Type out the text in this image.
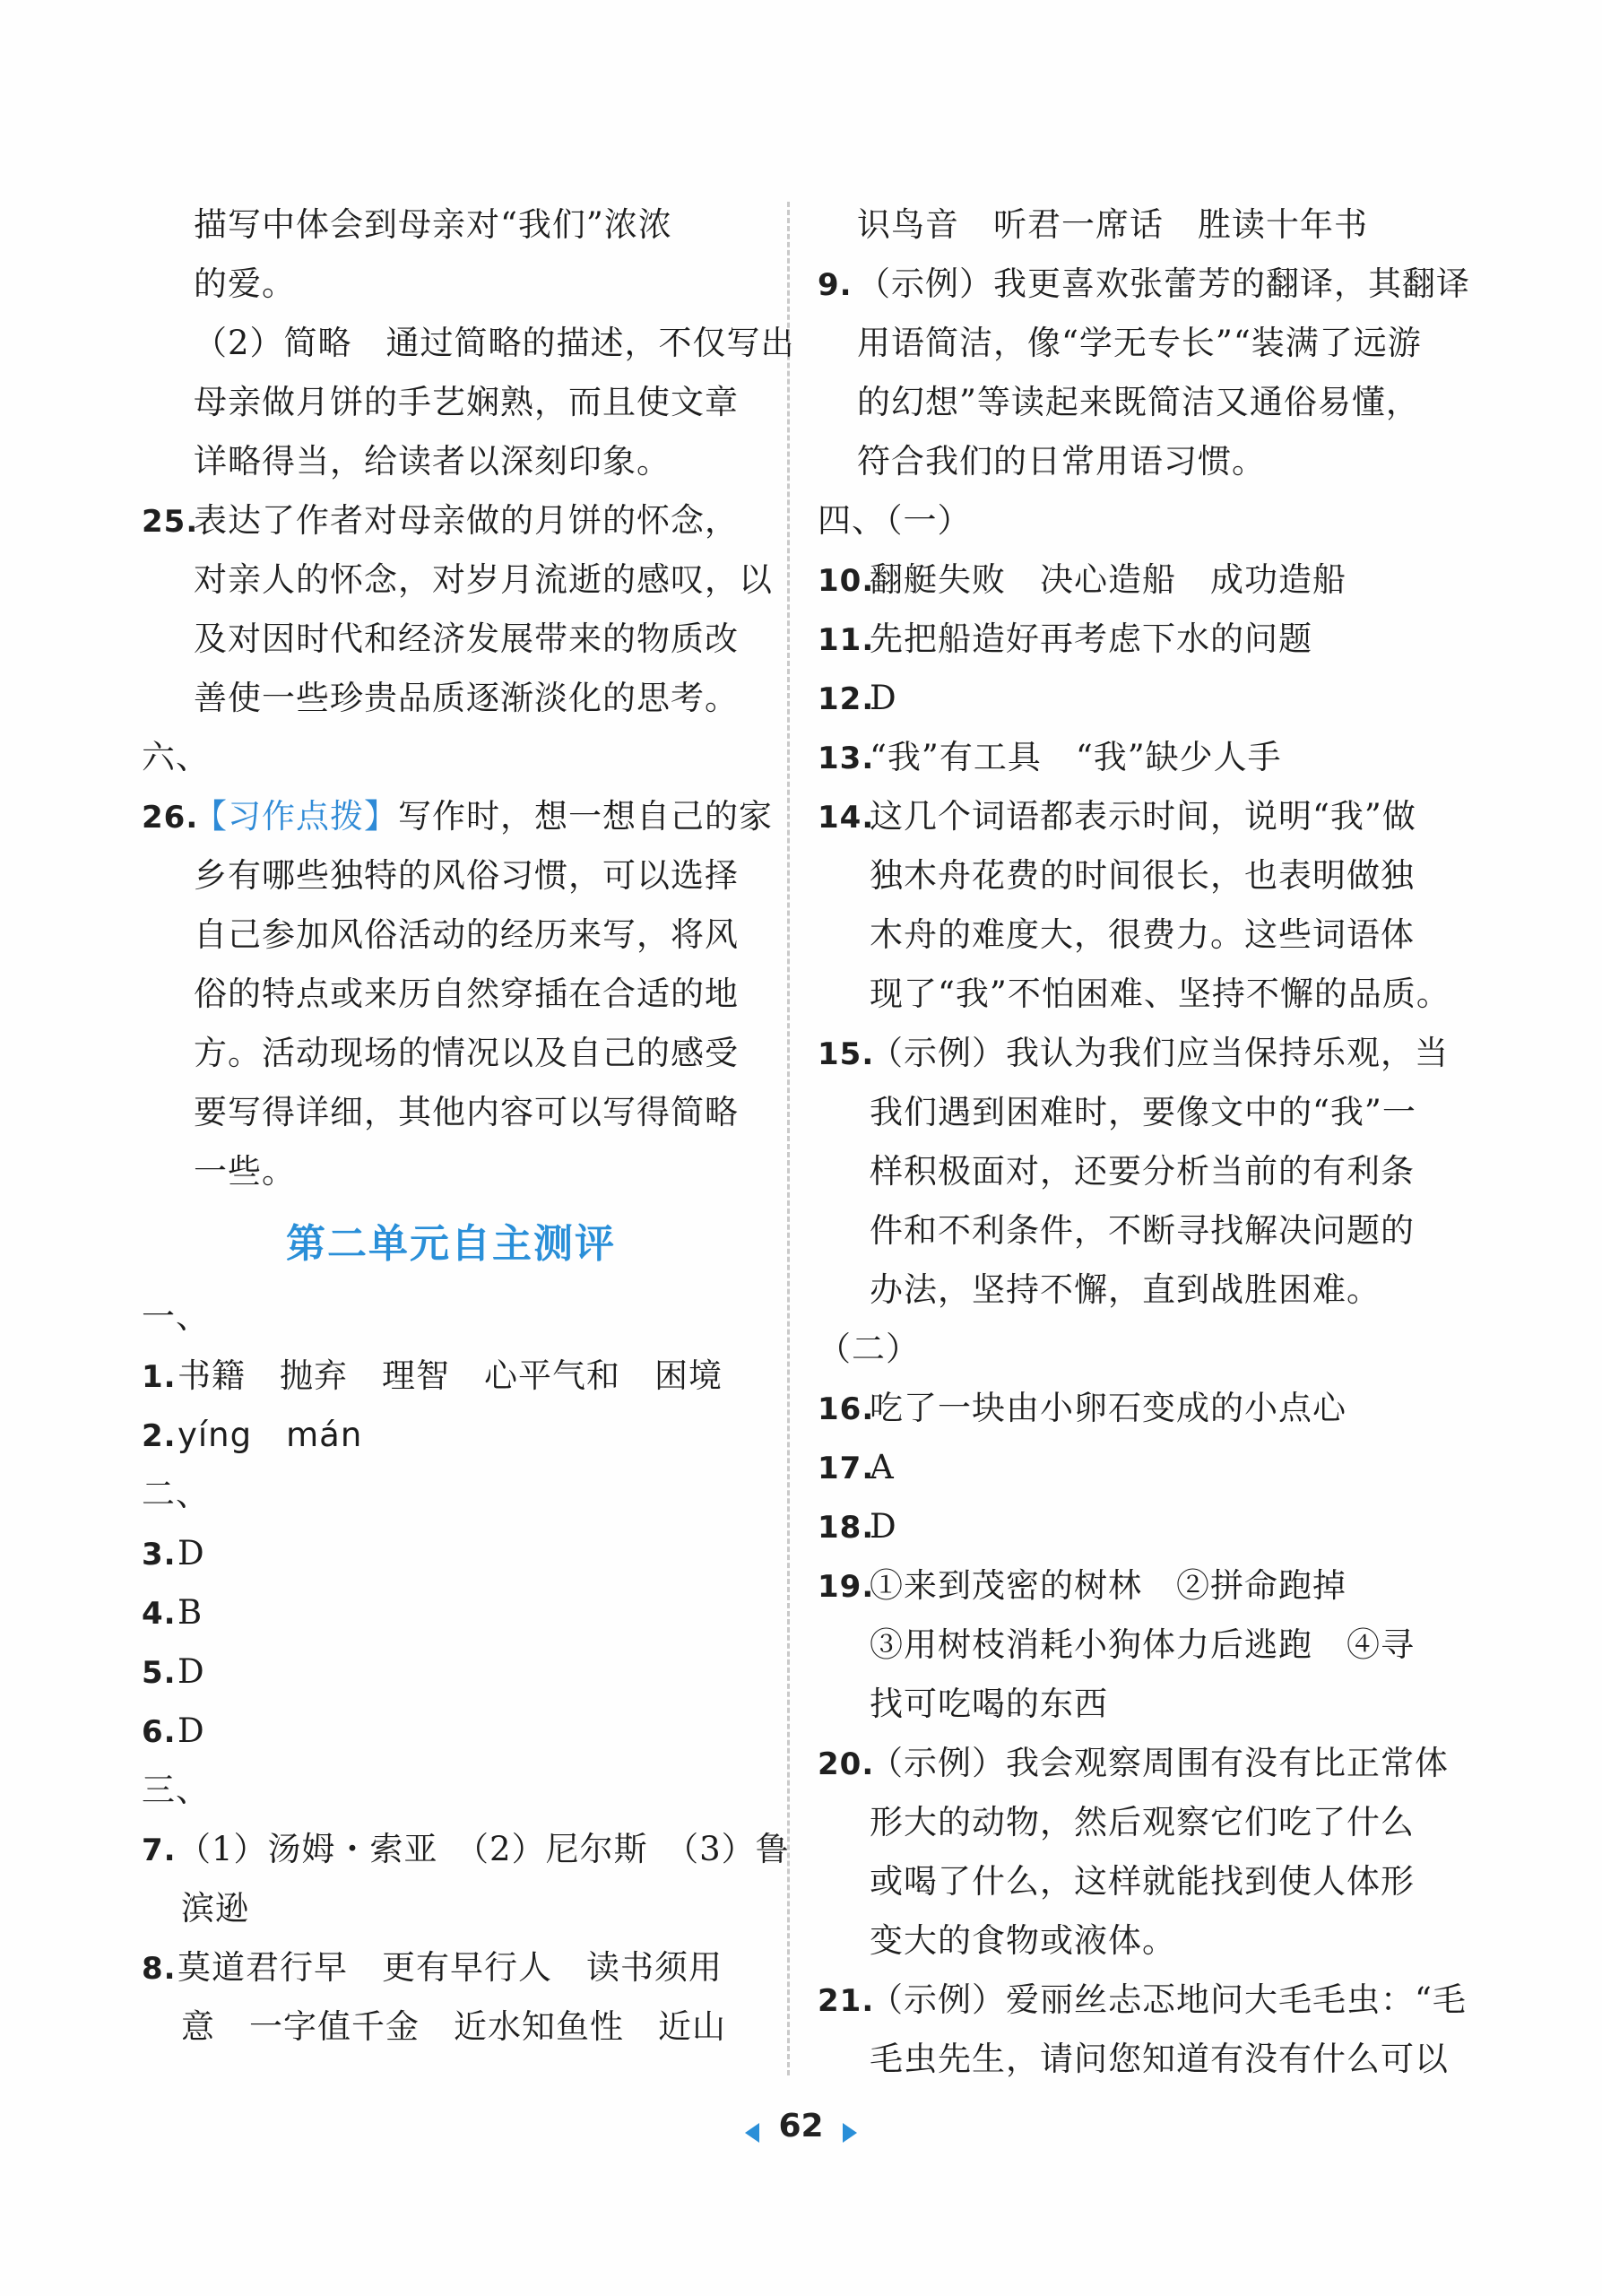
描写中体会到母亲对“我们”浓浓
的爱。
（2）简略　通过简略的描述，不仅写出
母亲做月饼的手艺娴熟，而且使文章
详略得当，给读者以深刻印象。
25.表达了作者对母亲做的月饼的怀念，
对亲人的怀念，对岁月流逝的感叹，以
及对因时代和经济发展带来的物质改
善使一些珍贵品质逐渐淡化的思考。
六、
26.【习作点拨】写作时，想一想自己的家
乡有哪些独特的风俗习惯，可以选择
自己参加风俗活动的经历来写，将风
俗的特点或来历自然穿插在合适的地
方。活动现场的情况以及自己的感受
要写得详细，其他内容可以写得简略
一些。
第二单元自主测评
一、
1.书籍　抛弃　理智　心平气和　困境
2.yíng　mán
二、
3.D
4.B
5.D
6.D
三、
7.（1）汤姆・索亚　（2）尼尔斯　（3）鲁
滨逊
8.莫道君行早　更有早行人　读书须用
意　一字值千金　近水知鱼性　近山
识鸟音　听君一席话　胜读十年书
9. （示例）我更喜欢张蕾芳的翻译，其翻译
用语简洁，像“学无专长”“装满了远游
的幻想”等读起来既简洁又通俗易懂，
符合我们的日常用语习惯。
四、（一）
10.翻艇失败　决心造船　成功造船
11.先把船造好再考虑下水的问题
12.D
13.“我”有工具　“我”缺少人手
14.这几个词语都表示时间，说明“我”做
独木舟花费的时间很长，也表明做独
木舟的难度大，很费力。这些词语体
现了“我”不怕困难、坚持不懈的品质。
15.（示例）我认为我们应当保持乐观，当
我们遇到困难时，要像文中的“我”一
样积极面对，还要分析当前的有利条
件和不利条件，不断寻找解决问题的
办法，坚持不懈，直到战胜困难。
（二）
16.吃了一块由小卵石变成的小点心
17.A
18.D
19.①来到茂密的树林　②拼命跑掉
③用树枝消耗小狗体力后逃跑　④寻
找可吃喝的东西
20.（示例）我会观察周围有没有比正常体
形大的动物，然后观察它们吃了什么
或喝了什么，这样就能找到使人体形
变大的食物或液体。
21.（示例）爱丽丝忐忑地问大毛毛虫：“毛
毛虫先生，请问您知道有没有什么可以
62
